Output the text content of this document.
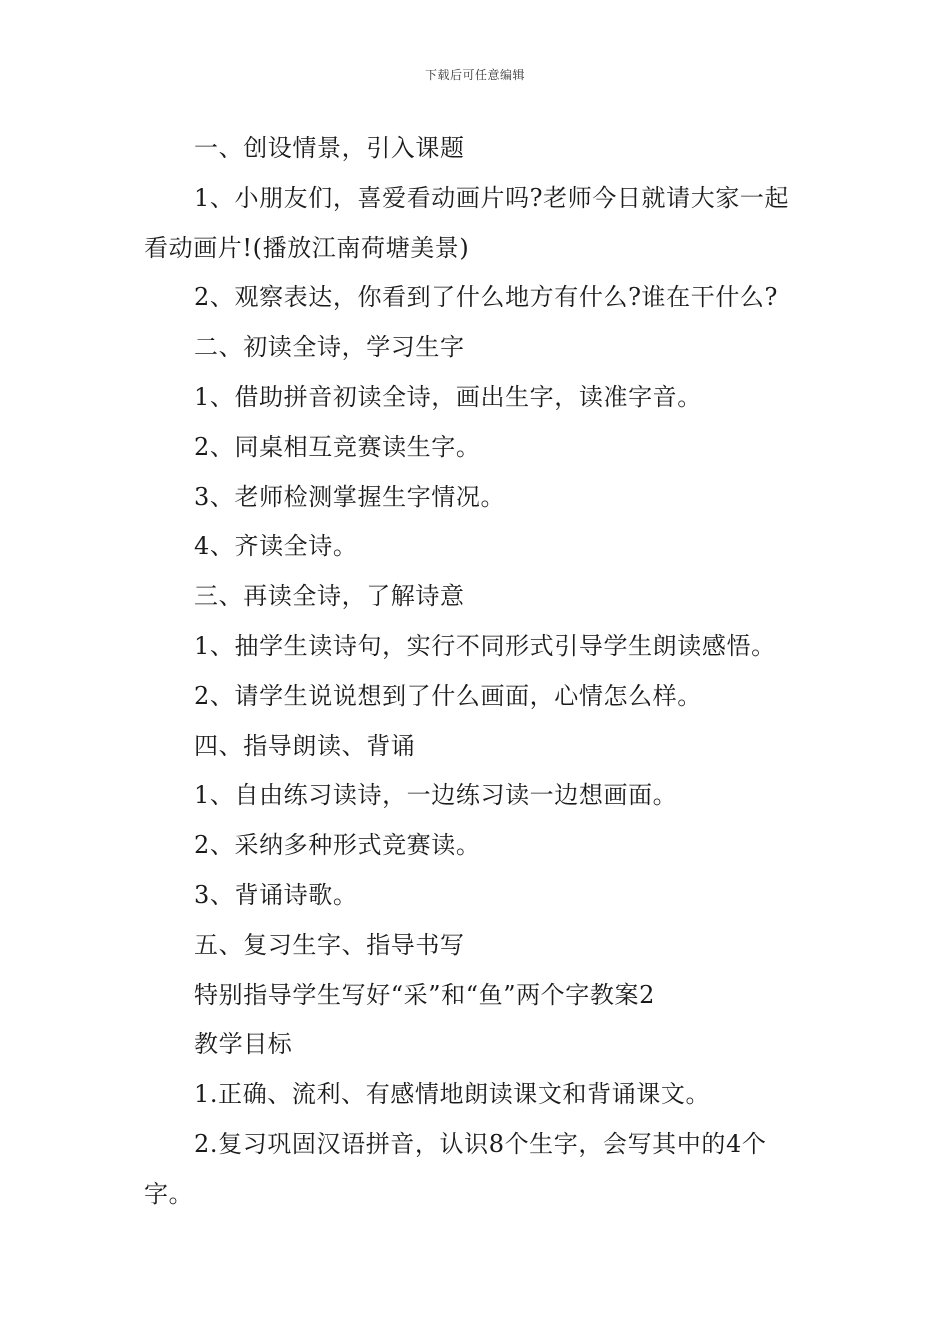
下载后可任意编辑

一、创设情景，引入课题

1、小朋友们，喜爱看动画片吗?老师今日就请大家一起看动画片!(播放江南荷塘美景)

2、观察表达，你看到了什么地方有什么?谁在干什么?

二、初读全诗，学习生字

1、借助拼音初读全诗，画出生字，读准字音。

2、同桌相互竞赛读生字。

3、老师检测掌握生字情况。

4、齐读全诗。

三、再读全诗，了解诗意

1、抽学生读诗句，实行不同形式引导学生朗读感悟。

2、请学生说说想到了什么画面，心情怎么样。

四、指导朗读、背诵

1、自由练习读诗，一边练习读一边想画面。

2、采纳多种形式竞赛读。

3、背诵诗歌。

五、复习生字、指导书写

特别指导学生写好“采”和“鱼”两个字教案2

教学目标

1.正确、流利、有感情地朗读课文和背诵课文。

2.复习巩固汉语拼音，认识8个生字，会写其中的4个字。
